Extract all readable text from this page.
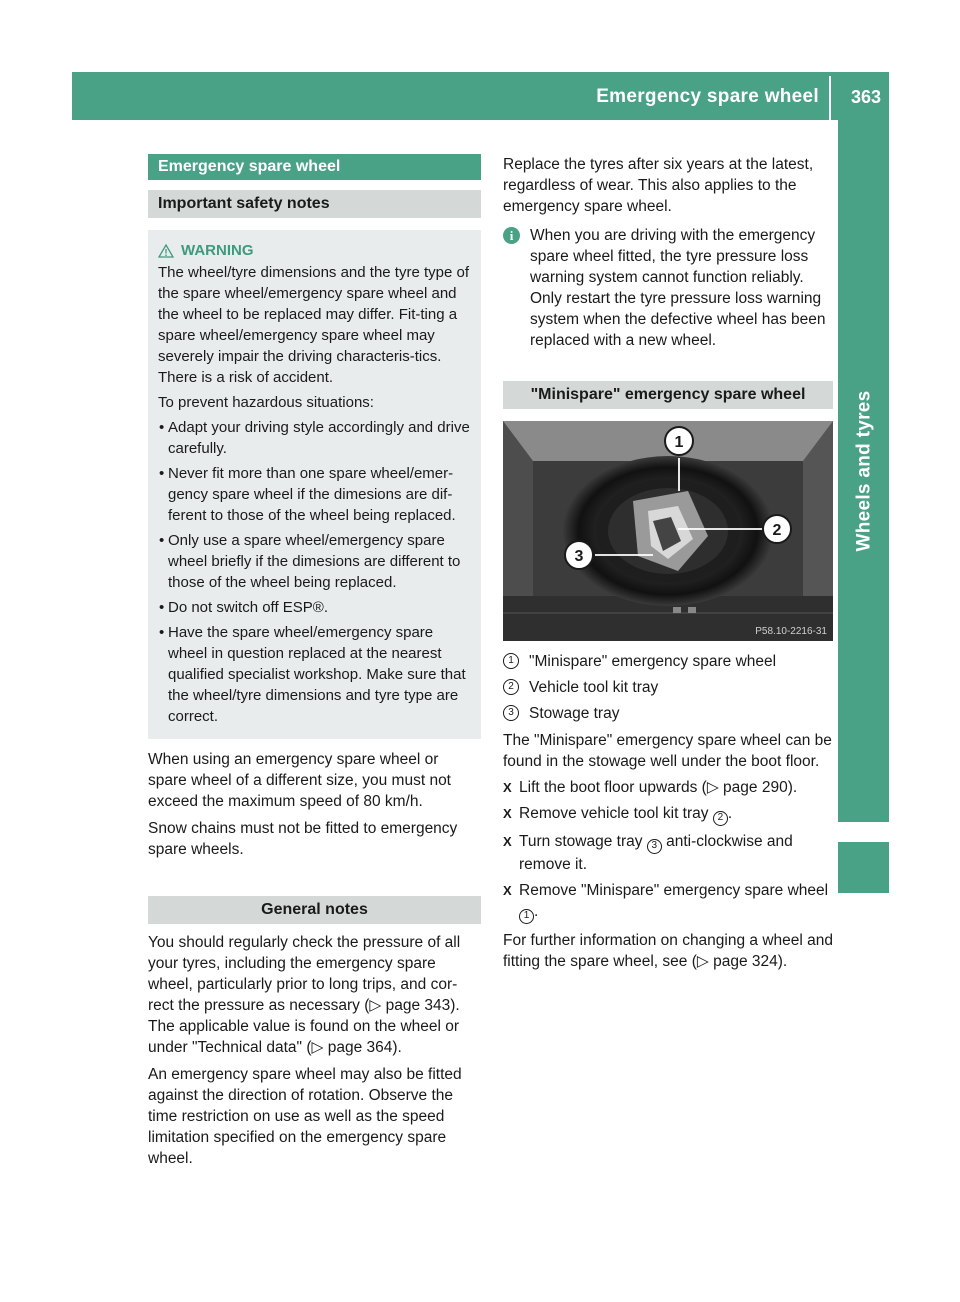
Emergency spare wheel 363
Wheels and tyres
Emergency spare wheel
Important safety notes
WARNING

The wheel/tyre dimensions and the tyre type of the spare wheel/emergency spare wheel and the wheel to be replaced may differ. Fit-ting a spare wheel/emergency spare wheel may severely impair the driving characteris-tics. There is a risk of accident.

To prevent hazardous situations:

• Adapt your driving style accordingly and drive carefully.
• Never fit more than one spare wheel/emer-gency spare wheel if the dimesions are dif-ferent to those of the wheel being replaced.
• Only use a spare wheel/emergency spare wheel briefly if the dimesions are different to those of the wheel being replaced.
• Do not switch off ESP®.
• Have the spare wheel/emergency spare wheel in question replaced at the nearest qualified specialist workshop. Make sure that the wheel/tyre dimensions and tyre type are correct.

When using an emergency spare wheel or spare wheel of a different size, you must not exceed the maximum speed of 80 km/h.

Snow chains must not be fitted to emergency spare wheels.

General notes

You should regularly check the pressure of all your tyres, including the emergency spare wheel, particularly prior to long trips, and cor-rect the pressure as necessary (▷ page 343). The applicable value is found on the wheel or under "Technical data" (▷ page 364).

An emergency spare wheel may also be fitted against the direction of rotation. Observe the time restriction on use as well as the speed limitation specified on the emergency spare wheel.

Replace the tyres after six years at the latest, regardless of wear. This also applies to the emergency spare wheel.

i	When you are driving with the emergency spare wheel fitted, the tyre pressure loss warning system cannot function reliably. Only restart the tyre pressure loss warning system when the defective wheel has been replaced with a new wheel.
"Minispare" emergency spare wheel
1
2
3
P58.10-2216-31
1 "Minispare" emergency spare wheel
2 Vehicle tool kit tray
3 Stowage tray

The "Minispare" emergency spare wheel can be found in the stowage well under the boot floor.

X Lift the boot floor upwards (▷ page 290).
X Remove vehicle tool kit tray 2 .
X Turn stowage tray 3 anti-clockwise and remove it.
X Remove "Minispare" emergency spare wheel 1 .

For further information on changing a wheel and fitting the spare wheel, see (▷ page 324).
